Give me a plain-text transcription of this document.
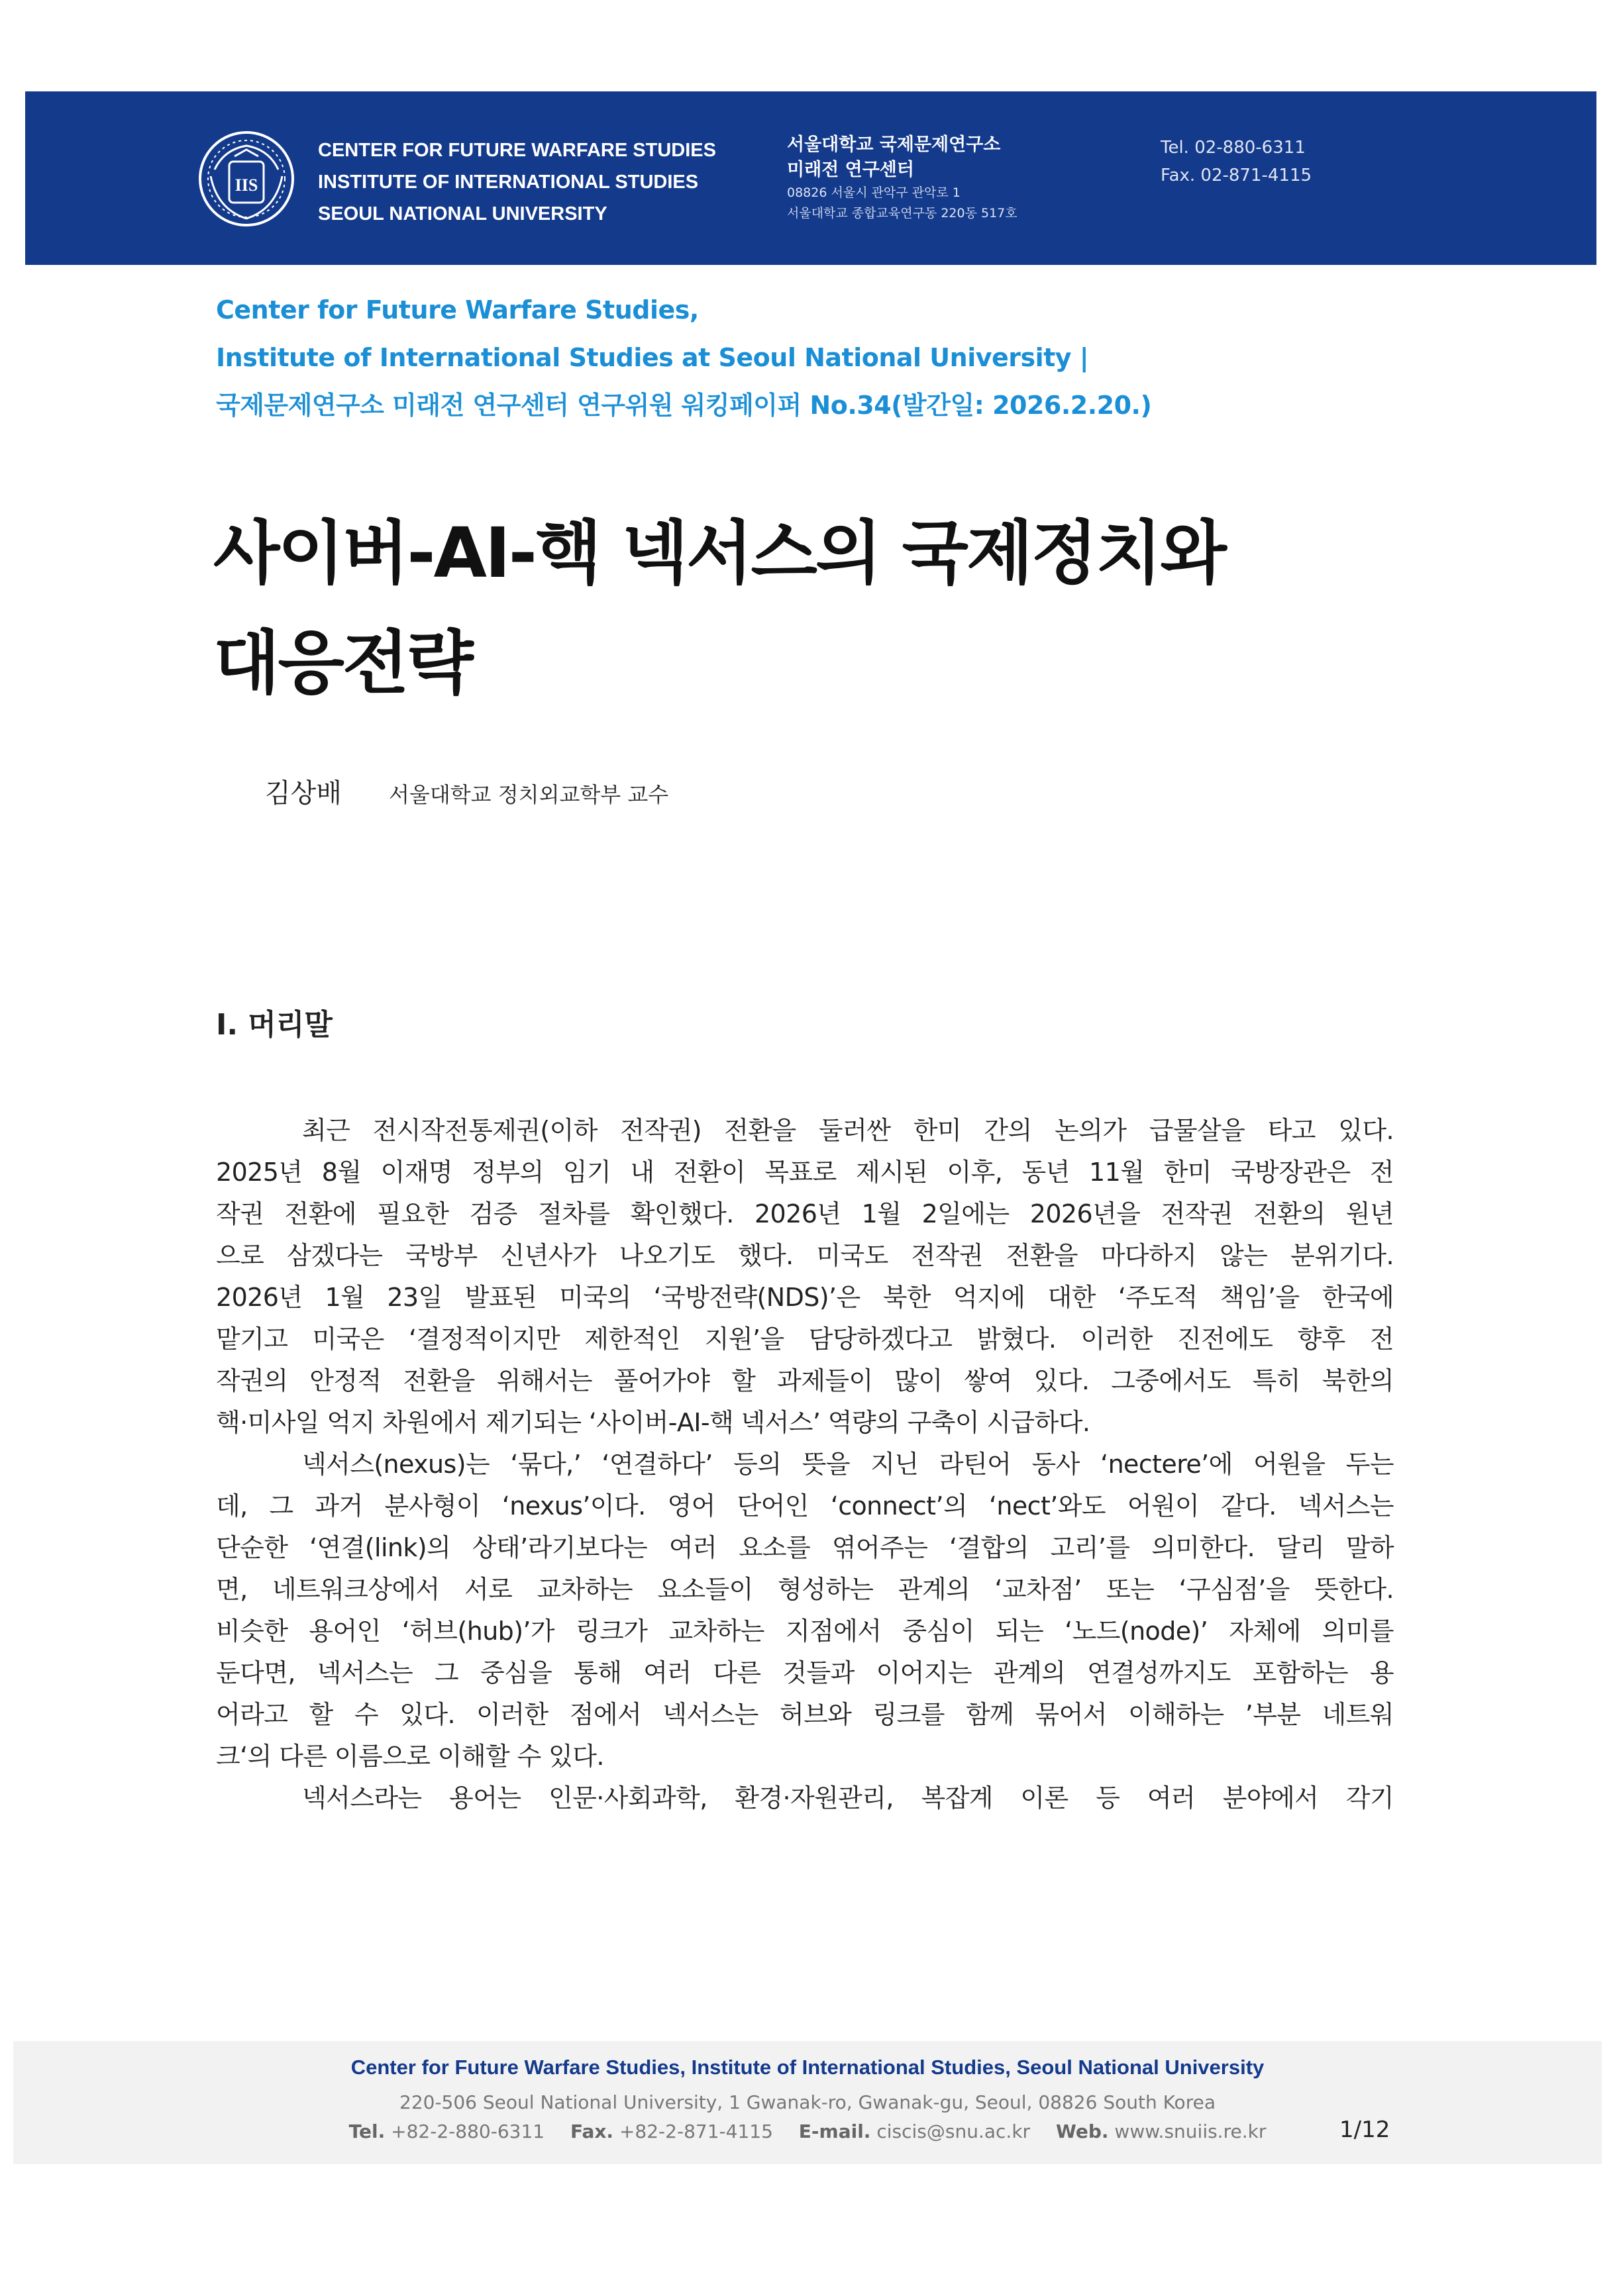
IIS
CENTER FOR FUTURE WARFARE STUDIES
INSTITUTE OF INTERNATIONAL STUDIES
SEOUL NATIONAL UNIVERSITY
서울대학교 국제문제연구소
미래전 연구센터
08826 서울시 관악구 관악로 1
서울대학교 종합교육연구동 220동 517호
Tel. 02-880-6311
Fax. 02-871-4115
Center for Future Warfare Studies,
Institute of International Studies at Seoul National University |
국제문제연구소 미래전 연구센터 연구위원 워킹페이퍼 No.34(발간일: 2026.2.20.)
사이버-AI-핵 넥서스의 국제정치와
대응전략
김상배 서울대학교 정치외교학부 교수
Ⅰ. 머리말
최근 전시작전통제권(이하 전작권) 전환을 둘러싼 한미 간의 논의가 급물살을 타고 있다.
2025년 8월 이재명 정부의 임기 내 전환이 목표로 제시된 이후, 동년 11월 한미 국방장관은 전
작권 전환에 필요한 검증 절차를 확인했다. 2026년 1월 2일에는 2026년을 전작권 전환의 원년
으로 삼겠다는 국방부 신년사가 나오기도 했다. 미국도 전작권 전환을 마다하지 않는 분위기다.
2026년 1월 23일 발표된 미국의 ‘국방전략(NDS)’은 북한 억지에 대한 ‘주도적 책임’을 한국에
맡기고 미국은 ‘결정적이지만 제한적인 지원’을 담당하겠다고 밝혔다. 이러한 진전에도 향후 전
작권의 안정적 전환을 위해서는 풀어가야 할 과제들이 많이 쌓여 있다. 그중에서도 특히 북한의
핵·미사일 억지 차원에서 제기되는 ‘사이버-AI-핵 넥서스’ 역량의 구축이 시급하다.
넥서스(nexus)는 ‘묶다,’ ‘연결하다’ 등의 뜻을 지닌 라틴어 동사 ‘nectere’에 어원을 두는
데, 그 과거 분사형이 ‘nexus’이다. 영어 단어인 ‘connect’의 ‘nect’와도 어원이 같다. 넥서스는
단순한 ‘연결(link)의 상태’라기보다는 여러 요소를 엮어주는 ‘결합의 고리’를 의미한다. 달리 말하
면, 네트워크상에서 서로 교차하는 요소들이 형성하는 관계의 ‘교차점’ 또는 ‘구심점’을 뜻한다.
비슷한 용어인 ‘허브(hub)’가 링크가 교차하는 지점에서 중심이 되는 ‘노드(node)’ 자체에 의미를
둔다면, 넥서스는 그 중심을 통해 여러 다른 것들과 이어지는 관계의 연결성까지도 포함하는 용
어라고 할 수 있다. 이러한 점에서 넥서스는 허브와 링크를 함께 묶어서 이해하는 ’부분 네트워
크‘의 다른 이름으로 이해할 수 있다.
넥서스라는 용어는 인문·사회과학, 환경·자원관리, 복잡계 이론 등 여러 분야에서 각기
Center for Future Warfare Studies, Institute of International Studies, Seoul National University
220-506 Seoul National University, 1 Gwanak-ro, Gwanak-gu, Seoul, 08826 South Korea
Tel. +82-2-880-6311 Fax. +82-2-871-4115 E-mail. ciscis@snu.ac.kr Web. www.snuiis.re.kr	1/12
